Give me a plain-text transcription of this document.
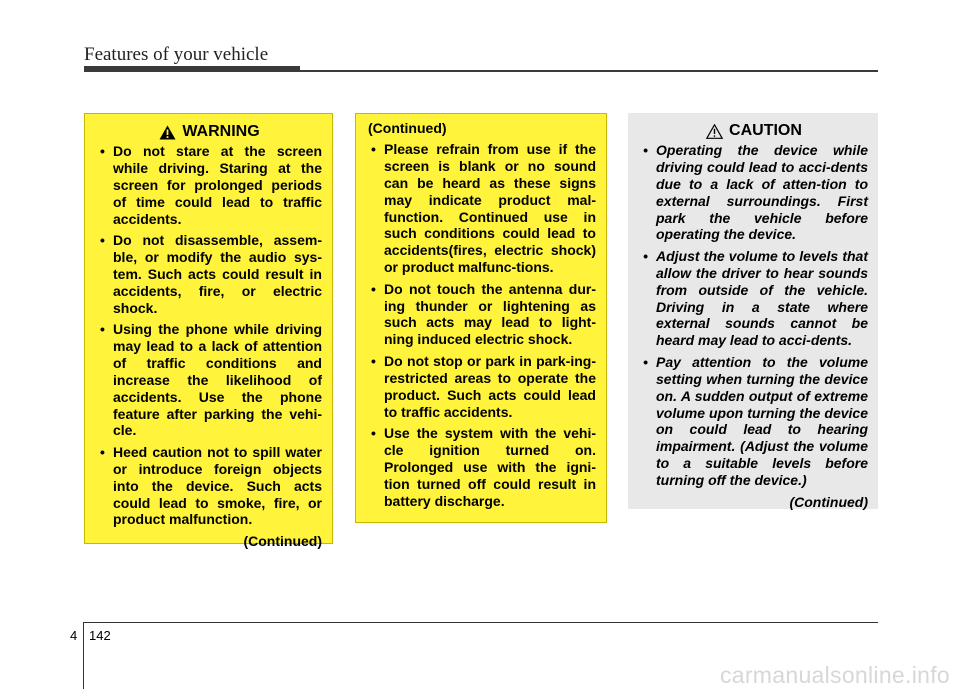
Features of your vehicle
WARNING
• Do not stare at the screen while driving. Staring at the screen for prolonged periods of time could lead to traffic accidents.
• Do not disassemble, assem-ble, or modify the audio sys-tem. Such acts could result in accidents, fire, or electric shock.
• Using the phone while driving may lead to a lack of attention of traffic conditions and increase the likelihood of accidents. Use the phone feature after parking the vehi-cle.
• Heed caution not to spill water or introduce foreign objects into the device. Such acts could lead to smoke, fire, or product malfunction.
(Continued)
(Continued)
• Please refrain from use if the screen is blank or no sound can be heard as these signs may indicate product mal-function. Continued use in such conditions could lead to accidents(fires, electric shock) or product malfunc-tions.
• Do not touch the antenna dur-ing thunder or lightening as such acts may lead to light-ning induced electric shock.
• Do not stop or park in park-ing-restricted areas to operate the product. Such acts could lead to traffic accidents.
• Use the system with the vehi-cle ignition turned on. Prolonged use with the igni-tion turned off could result in battery discharge.
CAUTION
• Operating the device while driving could lead to acci-dents due to a lack of atten-tion to external surroundings. First park the vehicle before operating the device.
• Adjust the volume to levels that allow the driver to hear sounds from outside of the vehicle. Driving in a state where external sounds cannot be heard may lead to acci-dents.
• Pay attention to the volume setting when turning the device on. A sudden output of extreme volume upon turning the device on could lead to hearing impairment. (Adjust the volume to a suitable levels before turning off the device.)
(Continued)
4 142
carmanualsonline.info
